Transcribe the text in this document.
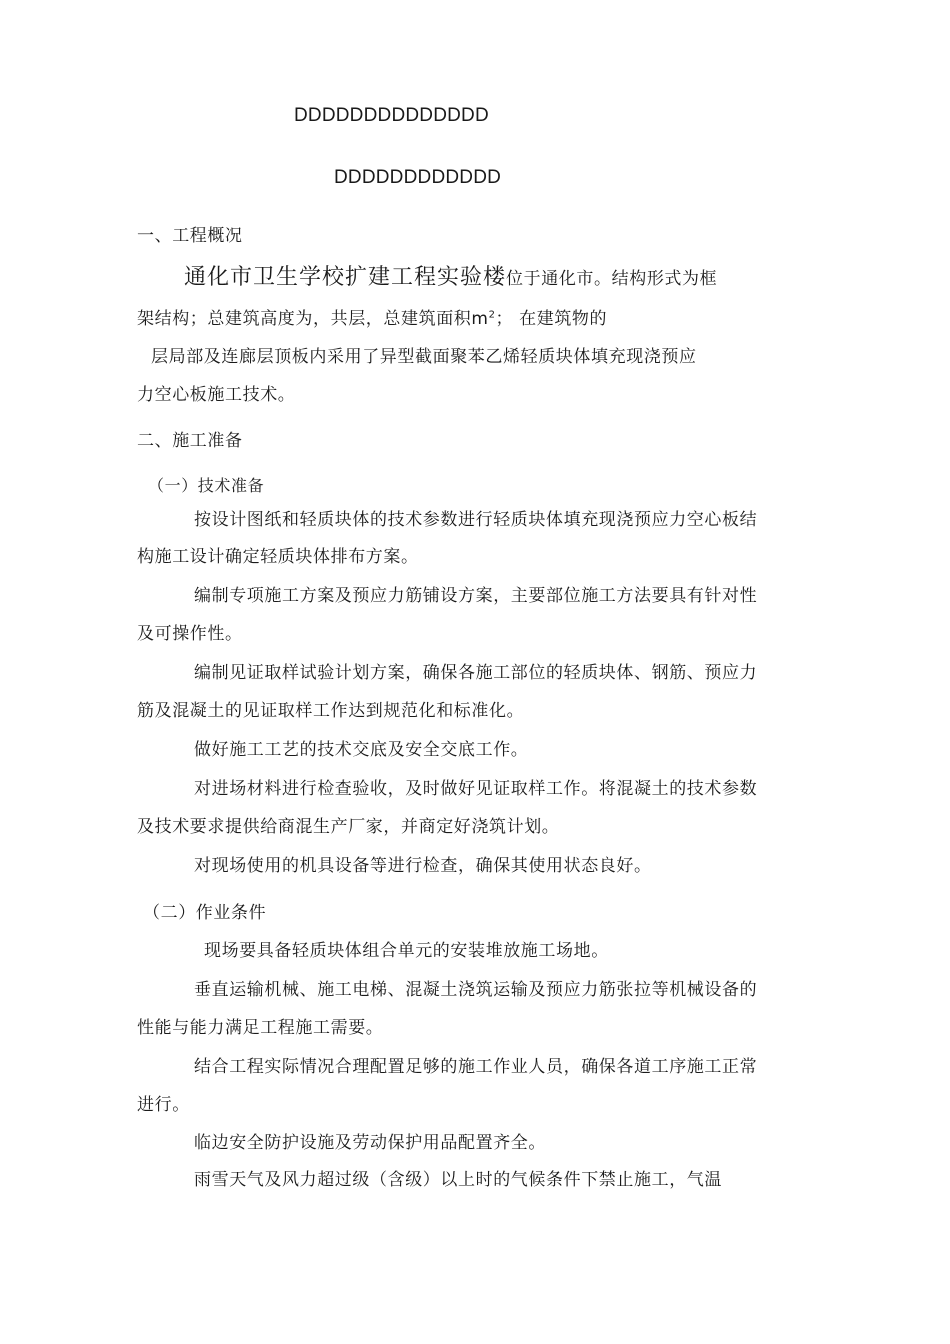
DDDDDDDDDDDDDD
DDDDDDDDDDDD
一、工程概况
通化市卫生学校扩建工程实验楼位于通化市。结构形式为框
架结构；总建筑高度为，共层，总建筑面积$m^2$； 在建筑物的
层局部及连廊层顶板内采用了异型截面聚苯乙烯轻质块体填充现浇预应
力空心板施工技术。
二、施工准备
（一）技术准备
按设计图纸和轻质块体的技术参数进行轻质块体填充现浇预应力空心板结
构施工设计确定轻质块体排布方案。
编制专项施工方案及预应力筋铺设方案，主要部位施工方法要具有针对性
及可操作性。
编制见证取样试验计划方案，确保各施工部位的轻质块体、钢筋、预应力
筋及混凝土的见证取样工作达到规范化和标准化。
做好施工工艺的技术交底及安全交底工作。
对进场材料进行检查验收，及时做好见证取样工作。将混凝土的技术参数
及技术要求提供给商混生产厂家，并商定好浇筑计划。
对现场使用的机具设备等进行检查，确保其使用状态良好。
（二）作业条件
现场要具备轻质块体组合单元的安装堆放施工场地。
垂直运输机械、施工电梯、混凝土浇筑运输及预应力筋张拉等机械设备的
性能与能力满足工程施工需要。
结合工程实际情况合理配置足够的施工作业人员，确保各道工序施工正常
进行。
临边安全防护设施及劳动保护用品配置齐全。
雨雪天气及风力超过级（含级）以上时的气候条件下禁止施工，气温
